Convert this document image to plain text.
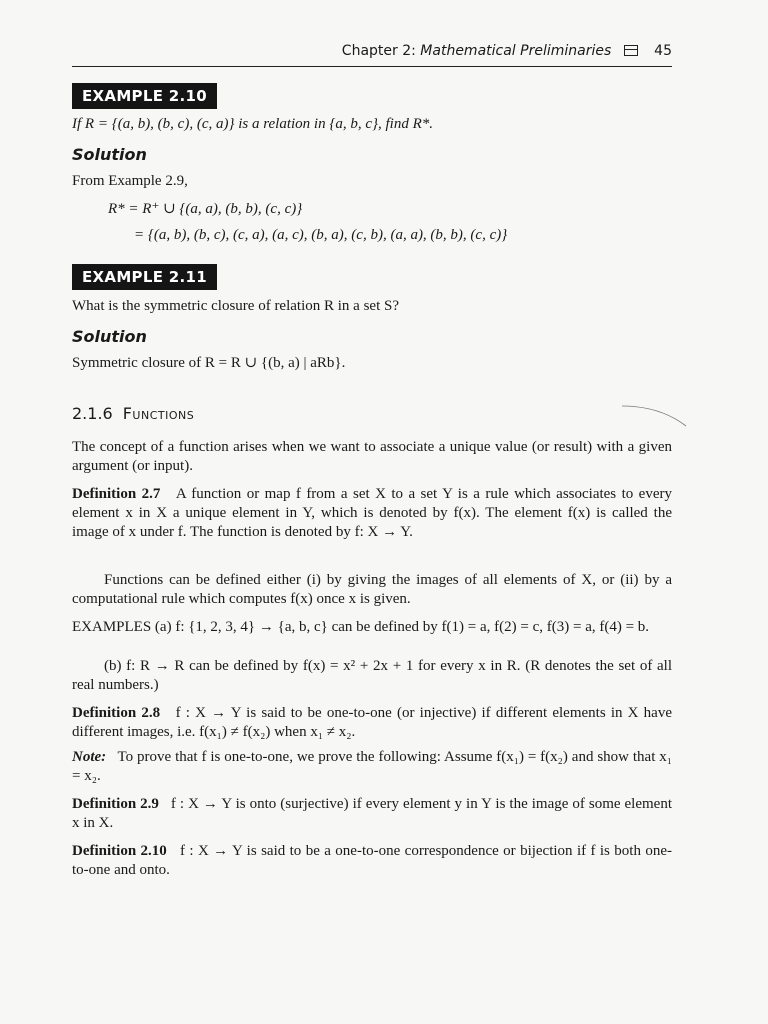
Chapter 2: Mathematical Preliminaries	45
EXAMPLE 2.10
If R = {(a, b), (b, c), (c, a)} is a relation in {a, b, c}, find R*.
Solution
From Example 2.9,
R* = R⁺ ∪ {(a, a), (b, b), (c, c)}
= {(a, b), (b, c), (c, a), (a, c), (b, a), (c, b), (a, a), (b, b), (c, c)}
EXAMPLE 2.11
What is the symmetric closure of relation R in a set S?
Solution
Symmetric closure of R = R ∪ {(b, a) | aRb}.
2.1.6 Functions
The concept of a function arises when we want to associate a unique value (or result) with a given argument (or input).
Definition 2.7 A function or map f from a set X to a set Y is a rule which associates to every element x in X a unique element in Y, which is denoted by f(x). The element f(x) is called the image of x under f. The function is denoted by f: X → Y.
Functions can be defined either (i) by giving the images of all elements of X, or (ii) by a computational rule which computes f(x) once x is given.
EXAMPLES (a) f: {1, 2, 3, 4} → {a, b, c} can be defined by f(1) = a, f(2) = c, f(3) = a, f(4) = b.
(b) f: R → R can be defined by f(x) = x² + 2x + 1 for every x in R. (R denotes the set of all real numbers.)
Definition 2.8 f : X → Y is said to be one-to-one (or injective) if different elements in X have different images, i.e. f(x₁) ≠ f(x₂) when x₁ ≠ x₂.
Note: To prove that f is one-to-one, we prove the following: Assume f(x₁) = f(x₂) and show that x₁ = x₂.
Definition 2.9 f : X → Y is onto (surjective) if every element y in Y is the image of some element x in X.
Definition 2.10 f : X → Y is said to be a one-to-one correspondence or bijection if f is both one-to-one and onto.
